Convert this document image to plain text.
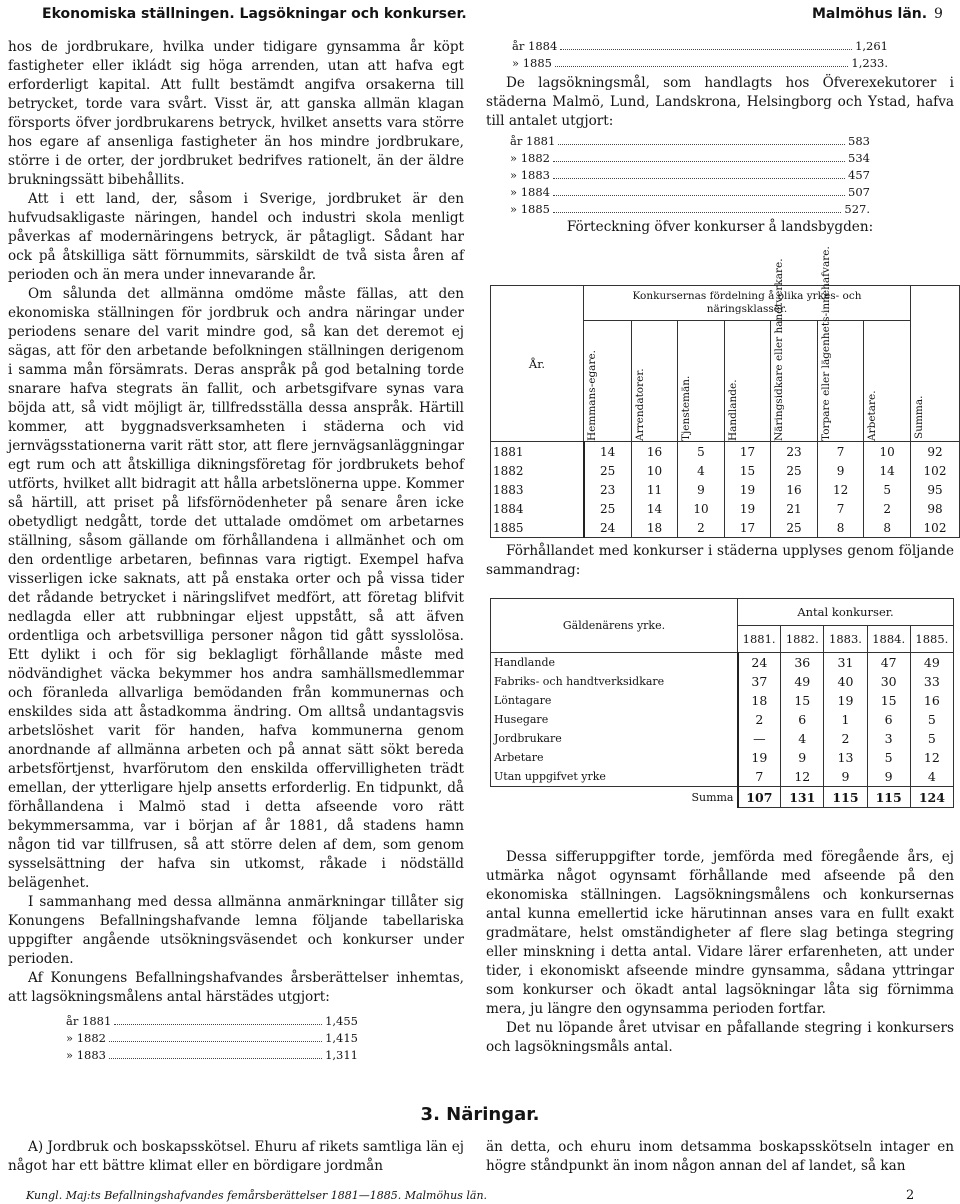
Ekonomiska ställningen. Lagsökningar och konkurser.	Malmöhus län. 9

hos de jordbrukare, hvilka under tidigare gynsamma år köpt fastigheter eller ikládt sig höga arrenden, utan att hafva egt erforderligt kapital. Att fullt bestämdt angifva orsakerna till betrycket, torde vara svårt. Visst är, att ganska allmän klagan försports öfver jordbrukarens betryck, hvilket ansetts vara större hos egare af ansenliga fastigheter än hos mindre jordbrukare, större i de orter, der jordbruket bedrifves rationelt, än der äldre brukningssätt bibehållits.

Att i ett land, der, såsom i Sverige, jordbruket är den hufvudsakligaste näringen, handel och industri skola menligt påverkas af modernäringens betryck, är påtagligt. Sådant har ock på åtskilliga sätt förnummits, särskildt de två sista åren af perioden och än mera under innevarande år.

Om sålunda det allmänna omdöme måste fällas, att den ekonomiska ställningen för jordbruk och andra näringar under periodens senare del varit mindre god, så kan det deremot ej sägas, att för den arbetande befolkningen ställningen derigenom i samma mån försämrats. Deras anspråk på god betalning torde snarare hafva stegrats än fallit, och arbetsgifvare synas vara böjda att, så vidt möjligt är, tillfredsställa dessa anspråk. Härtill kommer, att byggnadsverksamheten i städerna och vid jernvägsstationerna varit rätt stor, att flere jernvägsanläggningar egt rum och att åtskilliga dikningsföretag för jordbrukets behof utförts, hvilket allt bidragit att hålla arbetslönerna uppe. Kommer så härtill, att priset på lifsförnödenheter på senare åren icke obetydligt nedgått, torde det uttalade omdömet om arbetarnes ställning, såsom gällande om förhållandena i allmänhet och om den ordentlige arbetaren, befinnas vara rigtigt. Exempel hafva visserligen icke saknats, att på enstaka orter och på vissa tider det rådande betrycket i näringslifvet medfört, att företag blifvit nedlagda eller att rubbningar eljest uppstått, så att äfven ordentliga och arbetsvilliga personer någon tid gått sysslolösa. Ett dylikt i och för sig beklagligt förhållande måste med nödvändighet väcka bekymmer hos andra samhällsmedlemmar och föranleda allvarliga bemödanden från kommunernas och enskildes sida att åstadkomma ändring. Om alltså undantagsvis arbetslöshet varit för handen, hafva kommunerna genom anordnande af allmänna arbeten och på annat sätt sökt bereda arbetsförtjenst, hvarförutom den enskilda offervilligheten trädt emellan, der ytterligare hjelp ansetts erforderlig. En tidpunkt, då förhållandena i Malmö stad i detta afseende voro rätt bekymmersamma, var i början af år 1881, då stadens hamn någon tid var tillfrusen, så att större delen af dem, som genom sysselsättning der hafva sin utkomst, råkade i nödställd belägenhet.

I sammanhang med dessa allmänna anmärkningar tillåter sig Konungens Befallningshafvande lemna följande tabellariska uppgifter angående utsökningsväsendet och konkurser under perioden.

Af Konungens Befallningshafvandes årsberättelser inhemtas, att lagsökningsmålens antal härstädes utgjort:

år 1881	1,455
» 1882	1,415
» 1883	1,311
år 1884	1,261
» 1885	1,233.

De lagsökningsmål, som handlagts hos Öfverexekutorer i städerna Malmö, Lund, Landskrona, Helsingborg och Ystad, hafva till antalet utgjort:

år 1881	583
» 1882	534
» 1883	457
» 1884	507
» 1885	527.

Förteckning öfver konkurser å landsbygden:

År.	Konkursernas fördelning å olika yrkes- och näringsklasser.							Summa.

	Hemmans-egare.	Arrendatorer.	Tjenstemän.	Handlande.	Näringsidkare eller handtverkare.	Torpare eller lägenhets-innehafvare.	Arbetare.	

1881	14	16	5	17	23	7	10	92
1882	25	10	4	15	25	9	14	102
1883	23	11	9	19	16	12	5	95
1884	25	14	10	19	21	7	2	98
1885	24	18	2	17	25	8	8	102

Förhållandet med konkurser i städerna upplyses genom följande sammandrag:

Gäldenärens yrke.	Antal konkurser.				
	1881.	1882.	1883.	1884.	1885.
Handlande	24	36	31	47	49
Fabriks- och handtverksidkare	37	49	40	30	33
Löntagare	18	15	19	15	16
Husegare	2	6	1	6	5
Jordbrukare	—	4	2	3	5
Arbetare	19	9	13	5	12
Utan uppgifvet yrke	7	12	9	9	4
Summa	107	131	115	115	124

Dessa sifferuppgifter torde, jemförda med föregående års, ej utmärka något ogynsamt förhållande med afseende på den ekonomiska ställningen. Lagsökningsmålens och konkursernas antal kunna emellertid icke härutinnan anses vara en fullt exakt gradmätare, helst omständigheter af flere slag betinga stegring eller minskning i detta antal. Vidare lärer erfarenheten, att under tider, i ekonomiskt afseende mindre gynsamma, sådana yttringar som konkurser och ökadt antal lagsökningar låta sig förnimma mera, ju längre den ogynsamma perioden fortfar.

Det nu löpande året utvisar en påfallande stegring i konkursers och lagsökningsmåls antal.

3. Näringar.

A) Jordbruk och boskapsskötsel. Ehuru af rikets samtliga län ej något har ett bättre klimat eller en bördigare jordmån

än detta, och ehuru inom detsamma boskapsskötseln intager en högre ståndpunkt än inom någon annan del af landet, så kan

Kungl. Maj:ts Befallningshafvandes femårsberättelser 1881—1885. Malmöhus län.	2
